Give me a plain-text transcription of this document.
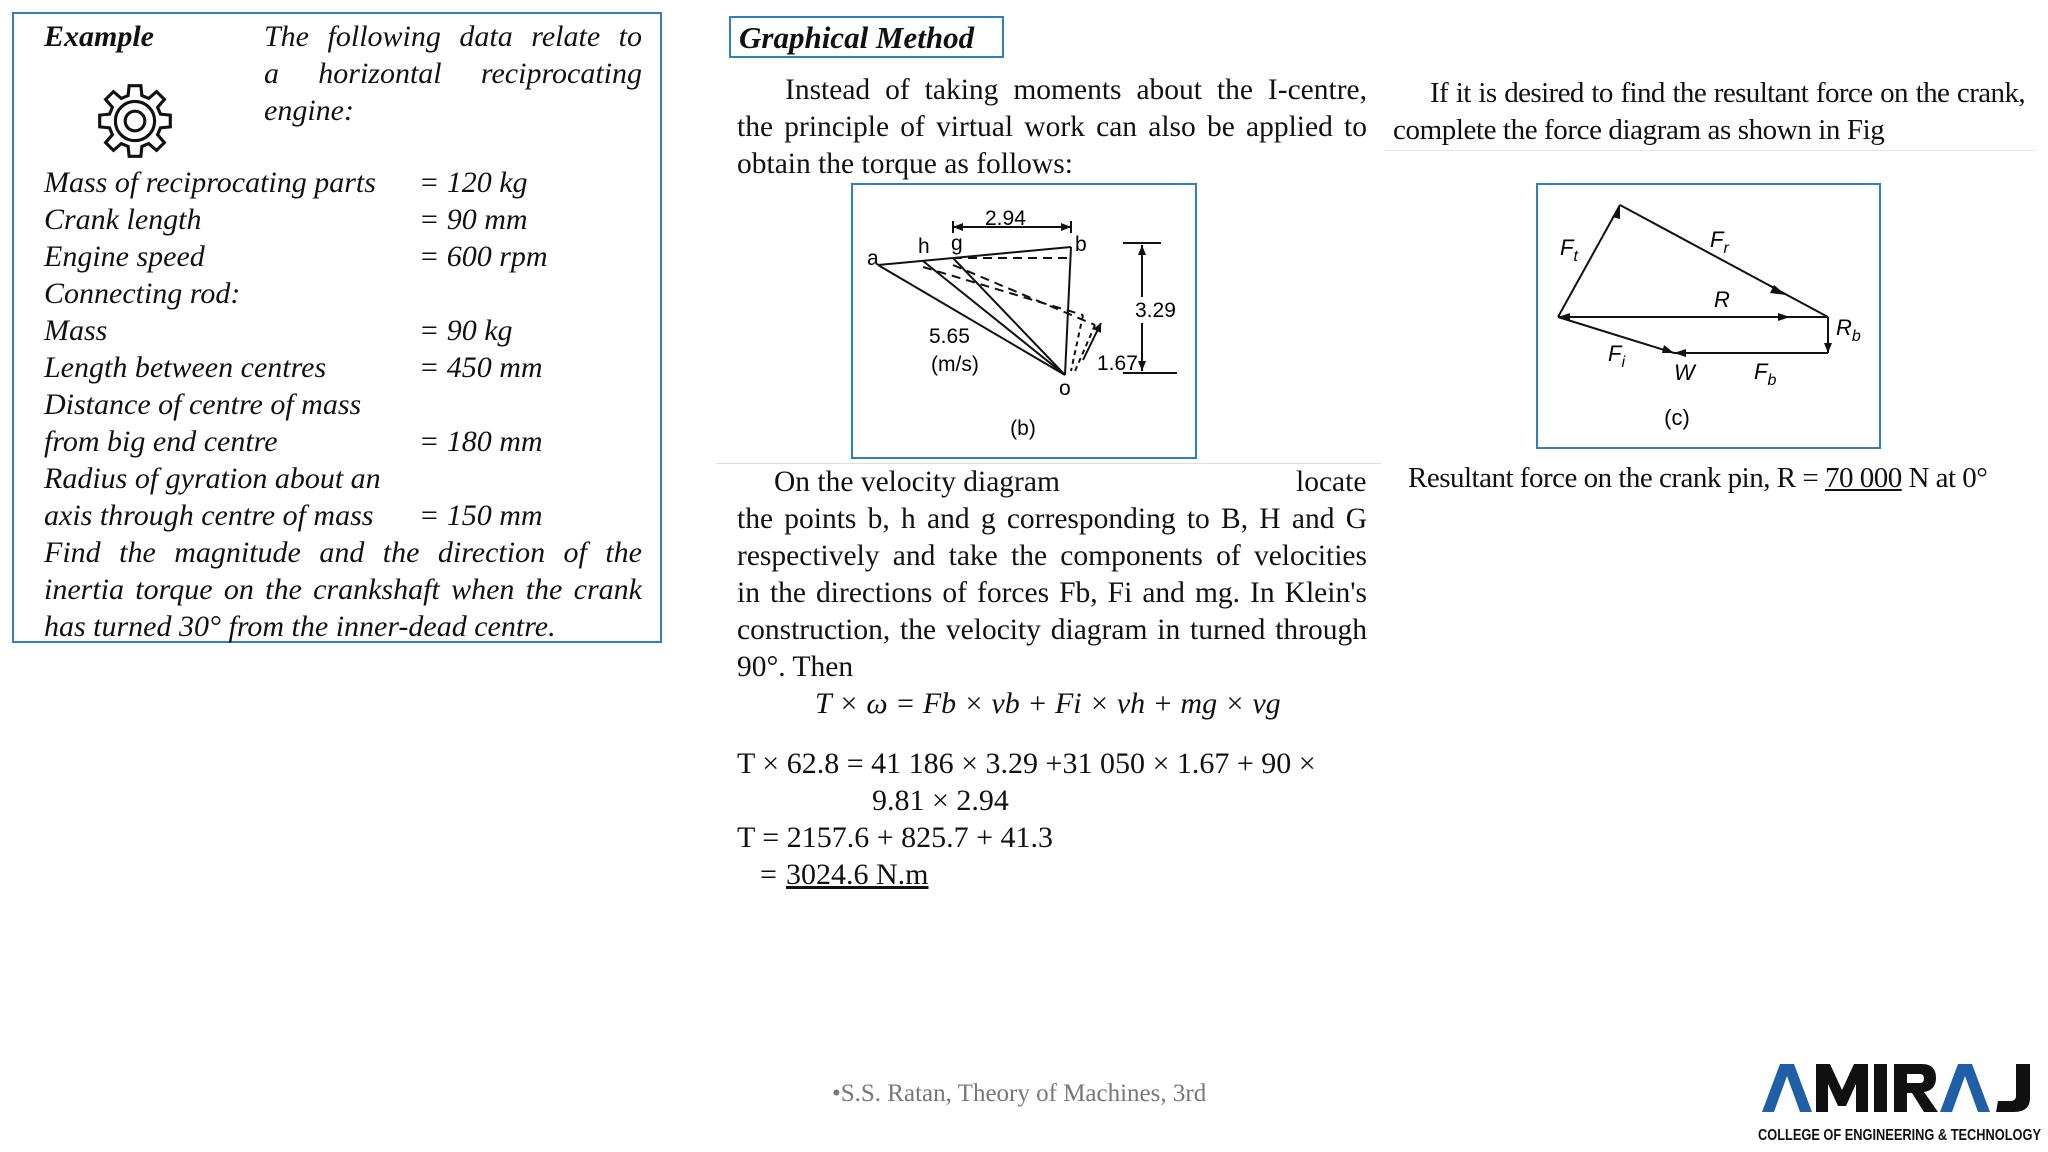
Example	The following data relate to
a horizontal reciprocating
engine:
Mass of reciprocating parts = 120 kg
Crank length	= 90 mm
Engine speed	= 600 rpm
Connecting rod:
Mass	= 90 kg
Length between centres	= 450 mm
Distance of centre of mass
from big end centre	= 180 mm
Radius of gyration about an
axis through centre of mass = 150 mm
Find the magnitude and the direction of the
inertia torque on the crankshaft when the crank
has turned 30° from the inner-dead centre.
Graphical Method
Instead of taking moments about the I-centre,
the principle of virtual work can also be applied to
obtain the torque as follows:
a
h g	b
o
2.94
5.65
(m/s)
3.29
1.67
(b)
On the velocity diagram	locate
the points b, h and g corresponding to B, H and G
respectively and take the components of velocities
in the directions of forces Fb, Fi and mg. In Klein's
construction, the velocity diagram in turned through
90°. Then
T × ω = Fb × vb + Fi × vh + mg × vg
T × 62.8 = 41 186 × 3.29 +31 050 × 1.67 + 90 ×
9.81 × 2.94
T = 2157.6 + 825.7 + 41.3
= 3024.6 N.m
If it is desired to find the resultant force on the crank,
complete the force diagram as shown in Fig
$F_t$
$F_r$
R
$R_b$
$F_i$ W	$F_b$
(c)
Resultant force on the crank pin, R = 70 000 N at 0°
•S.S. Ratan, Theory of Machines, 3rd
COLLEGE OF ENGINEERING & TECHNOLOGY
